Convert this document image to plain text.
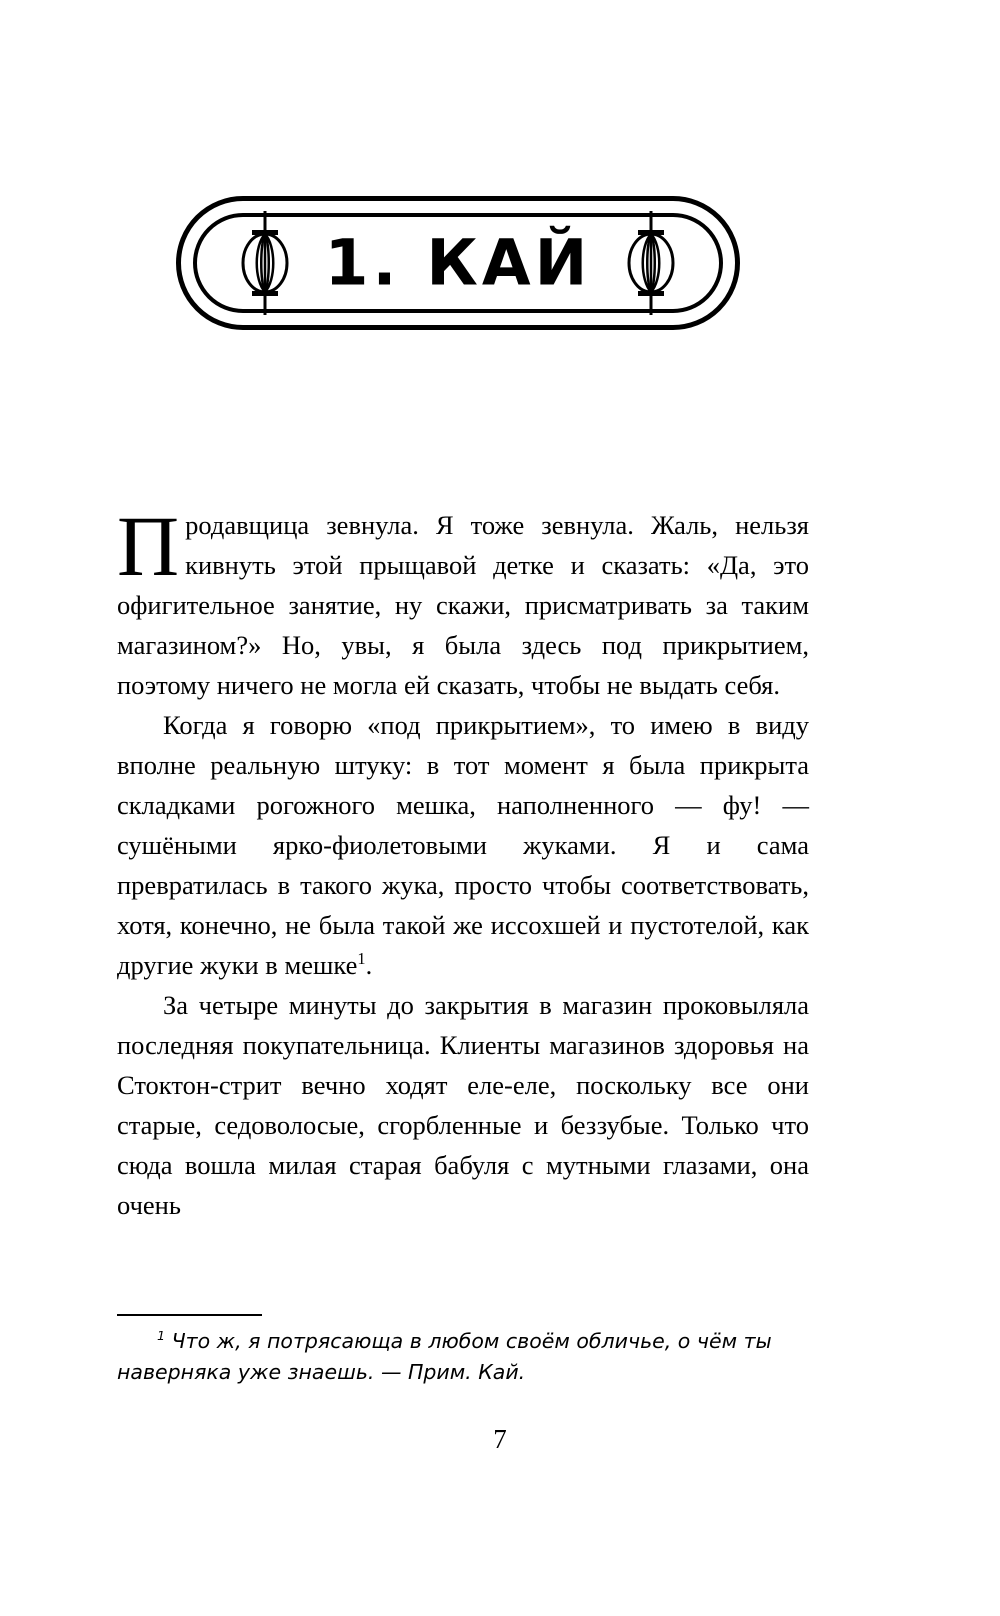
1. КАЙ

Продавщица зевнула. Я тоже зевнула. Жаль, нельзя кивнуть этой прыщавой детке и сказать: «Да, это офигительное занятие, ну скажи, присматривать за таким магазином?» Но, увы, я была здесь под прикрытием, поэтому ничего не могла ей сказать, чтобы не выдать себя.

Когда я говорю «под прикрытием», то имею в виду вполне реальную штуку: в тот момент я была прикрыта складками рогожного мешка, наполненного — фу! — сушёными ярко-фиолетовыми жуками. Я и сама превратилась в такого жука, просто чтобы соответствовать, хотя, конечно, не была такой же иссохшей и пустотелой, как другие жуки в мешке$^1$.

За четыре минуты до закрытия в магазин проковыляла последняя покупательница. Клиенты магазинов здоровья на Стоктон-стрит вечно ходят еле-еле, поскольку все они старые, седоволосые, сгорбленные и беззубые. Только что сюда вошла милая старая бабуля с мутными глазами, она очень

$^1$ Что ж, я потрясающа в любом своём обличье, о чём ты наверняка уже знаешь. — Прим. Кай.
7
